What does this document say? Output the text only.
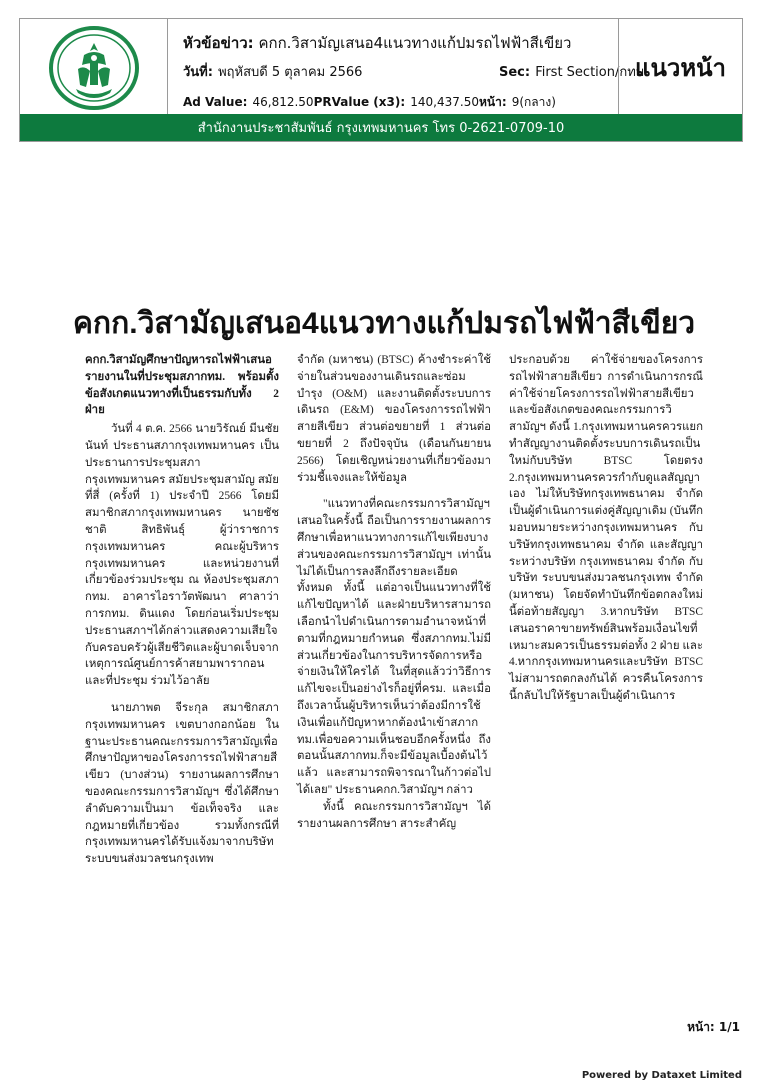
หัวข้อข่าว: คกก.วิสามัญเสนอ4แนวทางแก้ปมรถไฟฟ้าสีเขียว
วันที่: พฤหัสบดี 5 ตุลาคม 2566	Sec: First Section/กทม.
Ad Value: 46,812.50PRValue (x3): 140,437.50หน้า: 9(กลาง)
แนวหน้า
สำนักงานประชาสัมพันธ์ กรุงเทพมหานคร โทร 0-2621-0709-10
คกก.วิสามัญเสนอ4แนวทางแก้ปมรถไฟฟ้าสีเขียว

คกก.วิสามัญศึกษาปัญหารถไฟฟ้าเสนอรายงานในที่ประชุมสภากทม. พร้อมตั้งข้อสังเกตแนวทางที่เป็นธรรมกับทั้ง 2 ฝ่าย

วันที่ 4 ต.ค. 2566 นายวิรัณย์ มีนชัยนันท์ ประธานสภากรุงเทพมหานคร เป็นประธานการประชุมสภากรุงเทพมหานคร สมัยประชุมสามัญ สมัยที่สี่ (ครั้งที่ 1) ประจำปี 2566 โดยมี สมาชิกสภากรุงเทพมหานคร นายชัชชาติ สิทธิพันธุ์ ผู้ว่าราชการกรุงเทพมหานคร คณะผู้บริหารกรุงเทพมหานคร และหน่วยงานที่เกี่ยวข้องร่วมประชุม ณ ห้องประชุมสภากทม. อาคารไอราวัตพัฒนา ศาลาว่าการกทม. ดินแดง โดยก่อนเริ่มประชุม ประธานสภาฯได้กล่าวแสดงความเสียใจกับครอบครัวผู้เสียชีวิตและผู้บาดเจ็บจากเหตุการณ์ศูนย์การค้าสยามพารากอน และที่ประชุม ร่วมไว้อาลัย

นายภาพต จีระกุล สมาชิกสภากรุงเทพมหานคร เขตบางกอกน้อย ในฐานะประธานคณะกรรมการวิสามัญเพื่อศึกษาปัญหาของโครงการรถไฟฟ้าสายสีเขียว (บางส่วน) รายงานผลการศึกษาของคณะกรรมการวิสามัญฯ ซึ่งได้ศึกษาลำดับความเป็นมา ข้อเท็จจริง และกฎหมายที่เกี่ยวข้อง รวมทั้งกรณีที่กรุงเทพมหานครได้รับแจ้งมาจากบริษัทระบบขนส่งมวลชนกรุงเทพ

จำกัด (มหาชน) (BTSC) ค้างชำระค่าใช้จ่ายในส่วนของงานเดินรถและซ่อมบำรุง (O&M) และงานติดตั้งระบบการเดินรถ (E&M) ของโครงการรถไฟฟ้าสายสีเขียว ส่วนต่อขยายที่ 1 ส่วนต่อขยายที่ 2 ถึงปัจจุบัน (เดือนกันยายน 2566) โดยเชิญหน่วยงานที่เกี่ยวข้องมาร่วมชี้แจงและให้ข้อมูล

"แนวทางที่คณะกรรมการวิสามัญฯ เสนอในครั้งนี้ ถือเป็นการรายงานผลการศึกษาเพื่อหาแนวทางการแก้ไขเพียงบางส่วนของคณะกรรมการวิสามัญฯ เท่านั้น ไม่ได้เป็นการลงลึกถึงรายละเอียดทั้งหมด ทั้งนี้ แต่อาจเป็นแนวทางที่ใช้แก้ไขปัญหาได้ และฝ่ายบริหารสามารถเลือกนำไปดำเนินการตามอำนาจหน้าที่ตามที่กฎหมายกำหนด ซึ่งสภากทม.ไม่มีส่วนเกี่ยวข้องในการบริหารจัดการหรือจ่ายเงินให้ใครได้ ในที่สุดแล้วว่าวิธีการแก้ไขจะเป็นอย่างไรก็อยู่ที่ครม. และเมื่อถึงเวลานั้นผู้บริหารเห็นว่าต้องมีการใช้เงินเพื่อแก้ปัญหาหากต้องนำเข้าสภากทม.เพื่อขอความเห็นชอบอีกครั้งหนึ่ง ถึงตอนนั้นสภากทม.ก็จะมีข้อมูลเบื้องต้นไว้แล้ว และสามารถพิจารณาในก้าวต่อไปได้เลย" ประธานคกก.วิสามัญฯ กล่าว

ทั้งนี้ คณะกรรมการวิสามัญฯ ได้รายงานผลการศึกษา สาระสำคัญ

ประกอบด้วย ค่าใช้จ่ายของโครงการรถไฟฟ้าสายสีเขียว การดำเนินการกรณีค่าใช้จ่ายโครงการรถไฟฟ้าสายสีเขียว และข้อสังเกตของคณะกรรมการวิสามัญฯ ดังนี้ 1.กรุงเทพมหานครควรแยกทำสัญญางานติดตั้งระบบการเดินรถเป็นใหม่กับบริษัท BTSC โดยตรง 2.กรุงเทพมหานครควรกำกับดูแลสัญญาเอง ไม่ให้บริษัทกรุงเทพธนาคม จำกัด เป็นผู้ดำเนินการแต่งคู่สัญญาเดิม (บันทึกมอบหมายระหว่างกรุงเทพมหานคร กับ บริษัทกรุงเทพธนาคม จำกัด และสัญญาระหว่างบริษัท กรุงเทพธนาคม จำกัด กับ บริษัท ระบบขนส่งมวลชนกรุงเทพ จำกัด (มหาชน) โดยจัดทำบันทึกข้อตกลงใหม่นี้ต่อท้ายสัญญา 3.หากบริษัท BTSC เสนอราคาขายทรัพย์สินพร้อมเงื่อนไขที่เหมาะสมควรเป็นธรรมต่อทั้ง 2 ฝ่าย และ 4.หากกรุงเทพมหานครและบริษัท BTSC ไม่สามารถตกลงกันได้ ควรคืนโครงการนี้กลับไปให้รัฐบาลเป็นผู้ดำเนินการ

หน้า: 1/1
Powered by Dataxet Limited
